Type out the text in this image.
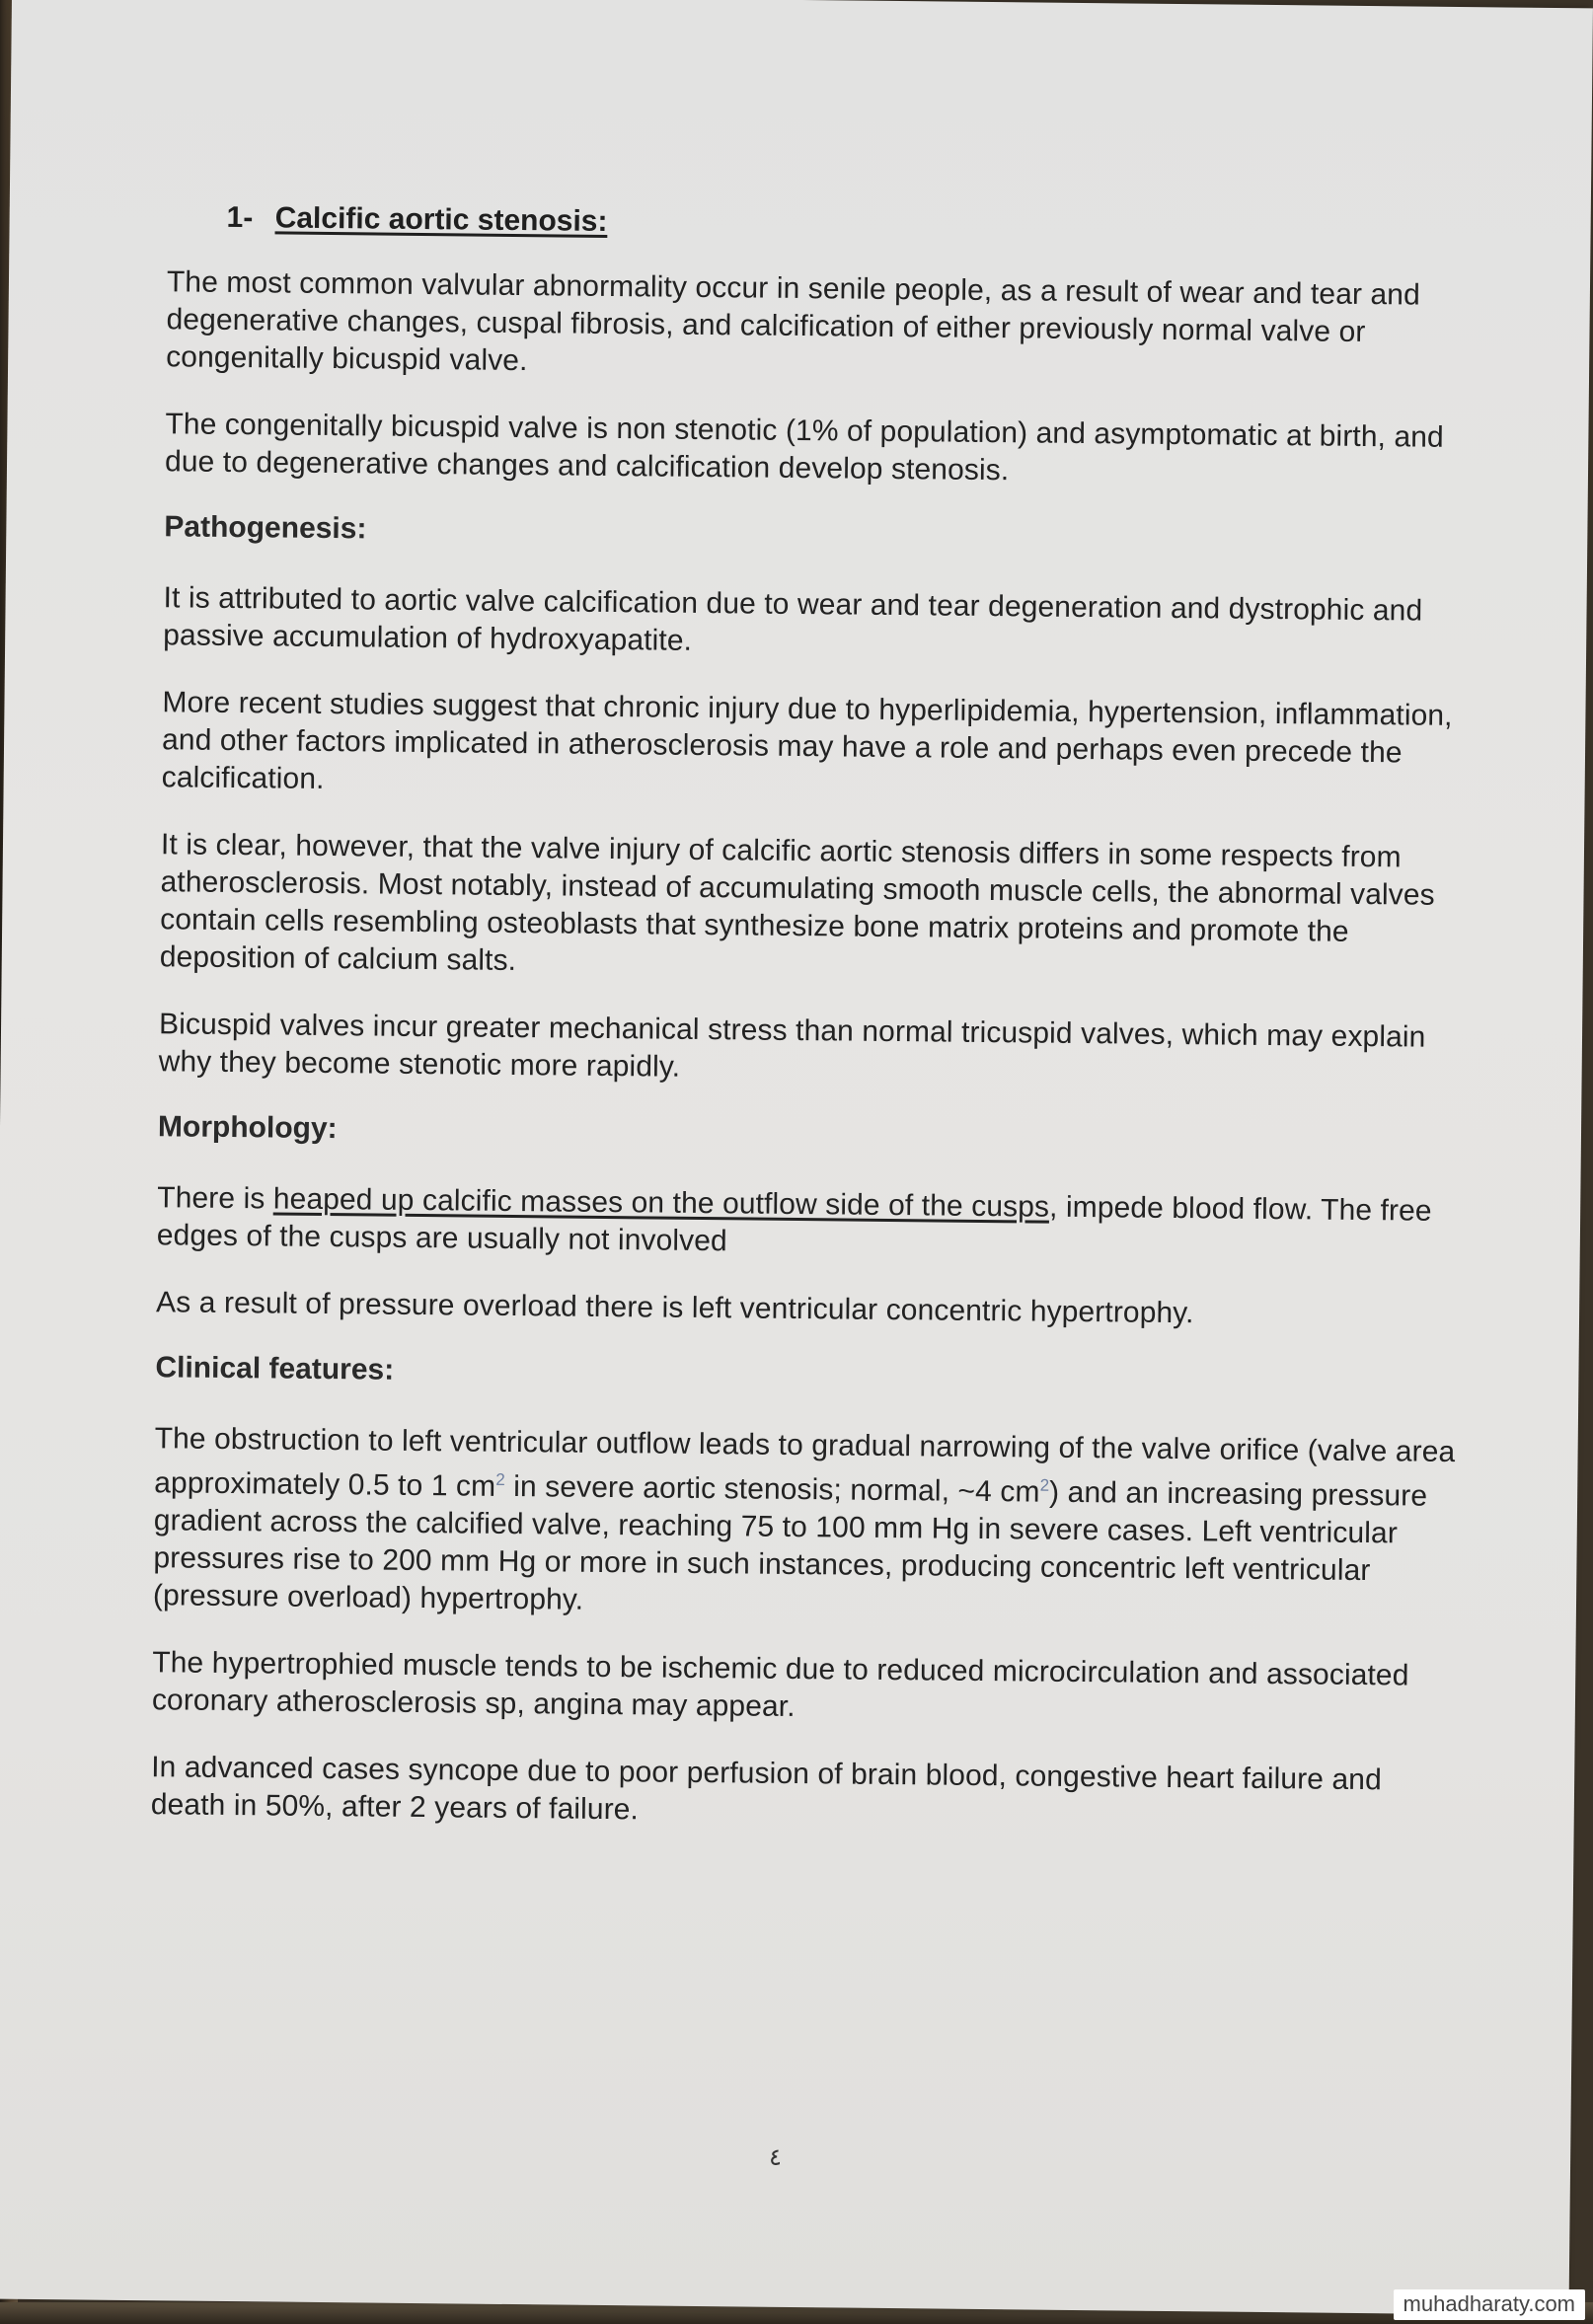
1- Calcific aortic stenosis:

The most common valvular abnormality occur in senile people, as a result of wear and tear and degenerative changes, cuspal fibrosis, and calcification of either previously normal valve or congenitally bicuspid valve.

The congenitally bicuspid valve is non stenotic (1% of population) and asymptomatic at birth, and due to degenerative changes and calcification develop stenosis.

Pathogenesis:

It is attributed to aortic valve calcification due to wear and tear degeneration and dystrophic and passive accumulation of hydroxyapatite.

More recent studies suggest that chronic injury due to hyperlipidemia, hypertension, inflammation, and other factors implicated in atherosclerosis may have a role and perhaps even precede the calcification.

It is clear, however, that the valve injury of calcific aortic stenosis differs in some respects from atherosclerosis. Most notably, instead of accumulating smooth muscle cells, the abnormal valves contain cells resembling osteoblasts that synthesize bone matrix proteins and promote the deposition of calcium salts.

Bicuspid valves incur greater mechanical stress than normal tricuspid valves, which may explain why they become stenotic more rapidly.

Morphology:

There is heaped up calcific masses on the outflow side of the cusps, impede blood flow. The free edges of the cusps are usually not involved

As a result of pressure overload there is left ventricular concentric hypertrophy.

Clinical features:

The obstruction to left ventricular outflow leads to gradual narrowing of the valve orifice (valve area approximately 0.5 to 1 $cm^2$ in severe aortic stenosis; normal, ~4 $cm^2$) and an increasing pressure gradient across the calcified valve, reaching 75 to 100 mm Hg in severe cases. Left ventricular pressures rise to 200 mm Hg or more in such instances, producing concentric left ventricular (pressure overload) hypertrophy.

The hypertrophied muscle tends to be ischemic due to reduced microcirculation and associated coronary atherosclerosis sp, angina may appear.

In advanced cases syncope due to poor perfusion of brain blood, congestive heart failure and death in 50%, after 2 years of failure.

٤
muhadharaty.com
